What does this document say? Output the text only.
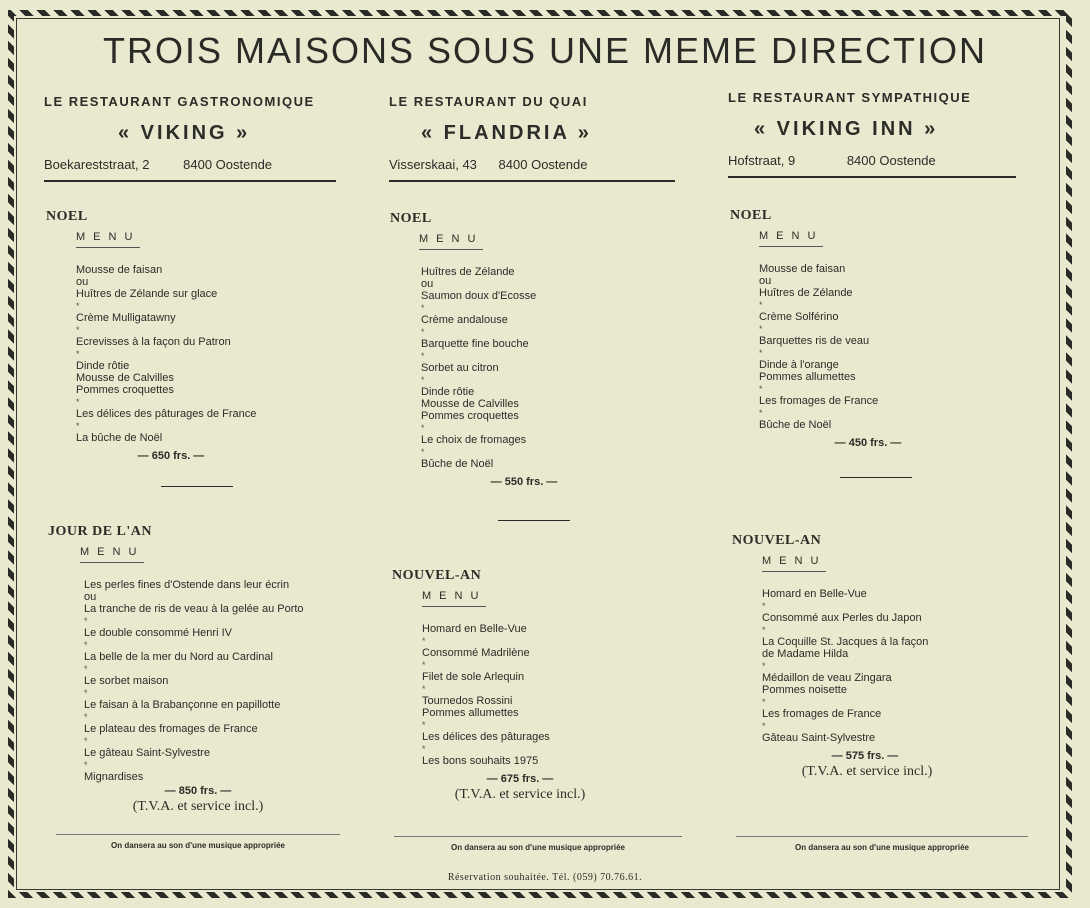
TROIS MAISONS SOUS UNE MEME DIRECTION
LE RESTAURANT GASTRONOMIQUE
« VIKING »
Boekareststraat, 2	8400 Oostende
NOEL
MENU
Mousse de faisan
ou
Huîtres de Zélande sur glace
*
Crème Mulligatawny
*
Ecrevisses à la façon du Patron
*
Dinde rôtie
Mousse de Calvilles
Pommes croquettes
*
Les délices des pâturages de France
*
La bûche de Noël
— 650 frs. —
JOUR DE L'AN
MENU
Les perles fines d'Ostende dans leur écrin
ou
La tranche de ris de veau à la gelée au Porto
*
Le double consommé Henri IV
*
La belle de la mer du Nord au Cardinal
*
Le sorbet maison
*
Le faisan à la Brabançonne en papillotte
*
Le plateau des fromages de France
*
Le gâteau Saint-Sylvestre
*
Mignardises
— 850 frs. —
(T.V.A. et service incl.)
On dansera au son d'une musique appropriée
LE RESTAURANT DU QUAI
« FLANDRIA »
Visserskaai, 43 8400 Oostende
NOEL
MENU
Huîtres de Zélande
ou
Saumon doux d'Ecosse
*
Crème andalouse
*
Barquette fine bouche
*
Sorbet au citron
*
Dinde rôtie
Mousse de Calvilles
Pommes croquettes
*
Le choix de fromages
*
Bûche de Noël
— 550 frs. —
NOUVEL-AN
MENU
Homard en Belle-Vue
*
Consommé Madrilène
*
Filet de sole Arlequin
*
Tournedos Rossini
Pommes allumettes
*
Les délices des pâturages
*
Les bons souhaits 1975
— 675 frs. —
(T.V.A. et service incl.)
On dansera au son d'une musique appropriée
LE RESTAURANT SYMPATHIQUE
« VIKING INN »
Hofstraat, 9	8400 Oostende
NOEL
MENU
Mousse de faisan
ou
Huîtres de Zélande
*
Crème Solférino
*
Barquettes ris de veau
*
Dinde à l'orange
Pommes allumettes
*
Les fromages de France
*
Bûche de Noël
— 450 frs. —
NOUVEL-AN
MENU
Homard en Belle-Vue
*
Consommé aux Perles du Japon
*
La Coquille St. Jacques à la façon
de Madame Hilda
*
Médaillon de veau Zingara
Pommes noisette
*
Les fromages de France
*
Gâteau Saint-Sylvestre
— 575 frs. —
(T.V.A. et service incl.)
On dansera au son d'une musique appropriée
Réservation souhaitée. Tél. (059) 70.76.61.
